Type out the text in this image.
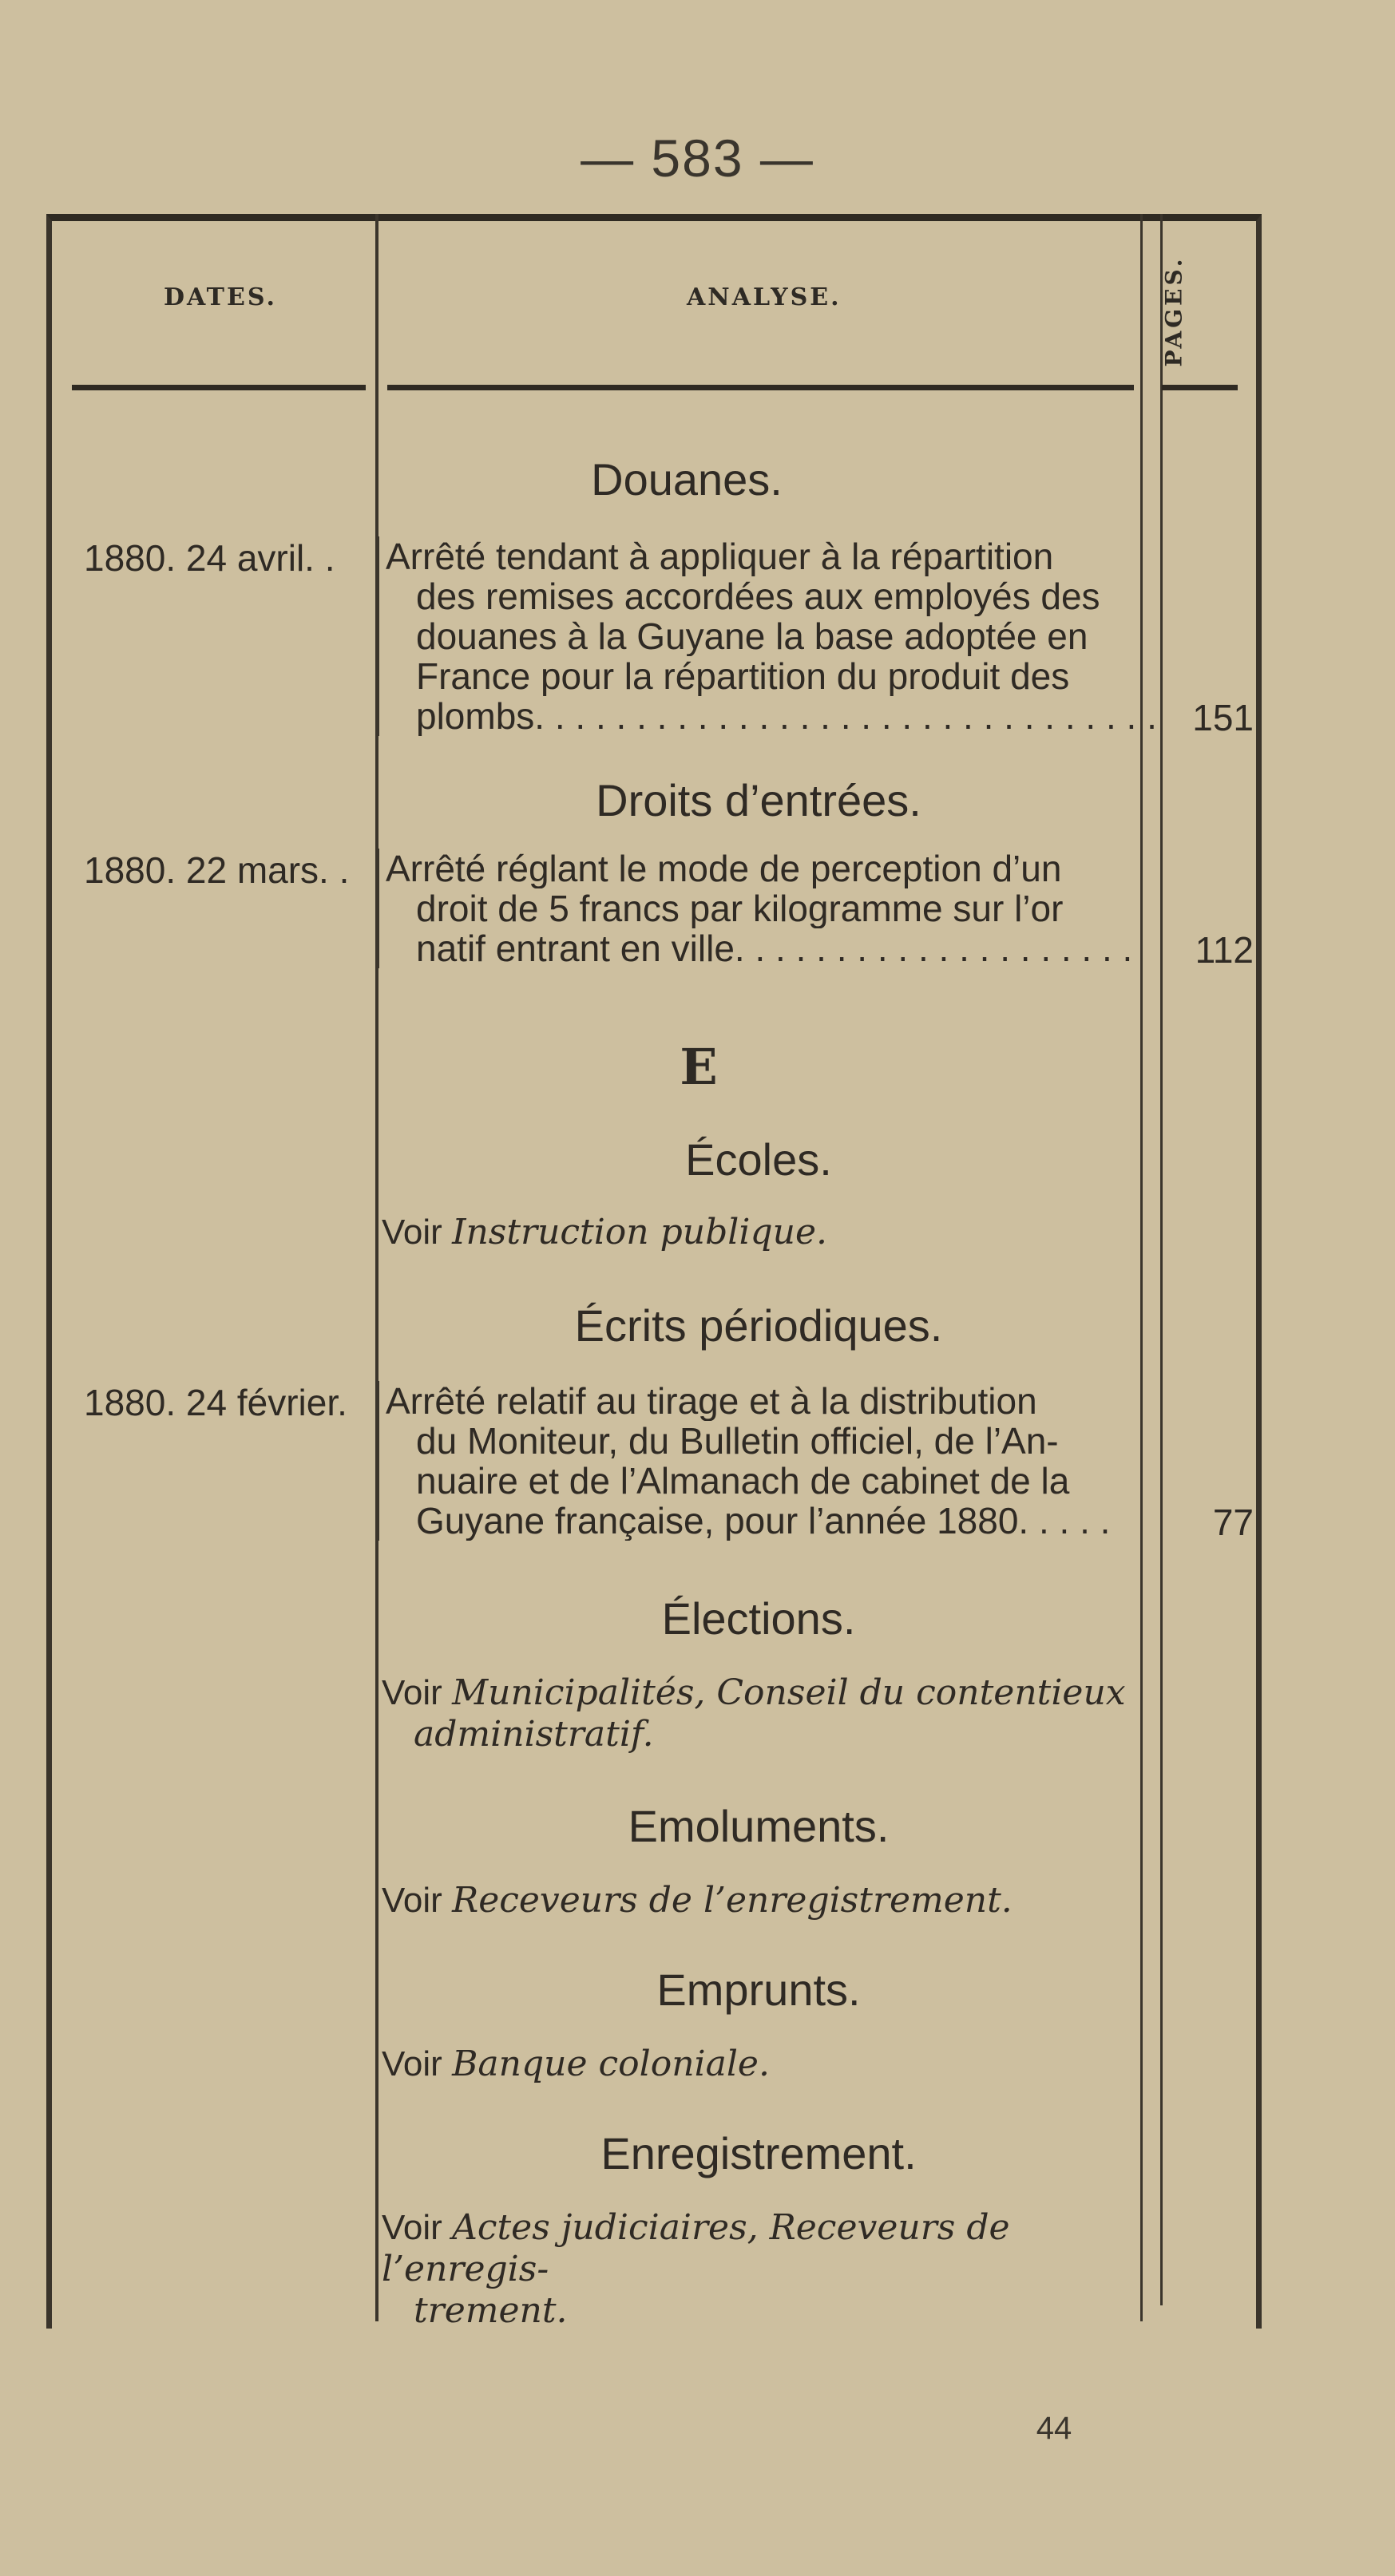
— 583 —
DATES.	ANALYSE.	PAGES.
Douanes.
1880. 24 avril. .	Arrêté tendant à appliquer à la répartition
des remises accordées aux employés des
douanes à la Guyane la base adoptée en
France pour la répartition du produit des
plombs. . . . . . . . . . . . . . . . . . . . . . . . . . . . . . . 151
Droits d’entrées.
1880. 22 mars. . Arrêté réglant le mode de perception d’un
droit de 5 francs par kilogramme sur l’or
natif entrant en ville. . . . . . . . . . . . . . . . . . . .	112
E
Écoles.
Voir Instruction publique.
Écrits périodiques.
1880. 24 février.	Arrêté relatif au tirage et à la distribution
du Moniteur, du Bulletin officiel, de l’An-
nuaire et de l’Almanach de cabinet de la
Guyane française, pour l’année 1880. . . . .	77
Élections.
Voir Municipalités, Conseil du contentieux
administratif.
Emoluments.
Voir Receveurs de l’enregistrement.
Emprunts.
Voir Banque coloniale.
Enregistrement.
Voir Actes judiciaires, Receveurs de l’enregis-
trement.
44
